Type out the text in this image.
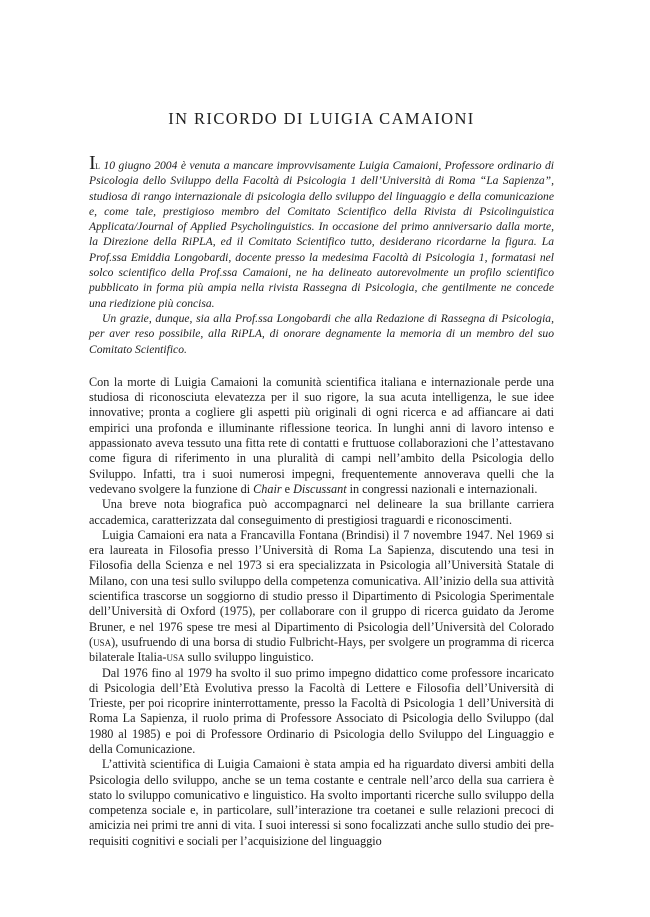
IN RICORDO DI LUIGIA CAMAIONI

Il 10 giugno 2004 è venuta a mancare improvvisamente Luigia Camaioni, Professore ordinario di Psicologia dello Sviluppo della Facoltà di Psicologia 1 dell’Università di Roma “La Sapienza”, studiosa di rango internazionale di psicologia dello sviluppo del linguaggio e della comunicazione e, come tale, prestigioso membro del Comitato Scientifico della Rivista di Psicolinguistica Applicata/Journal of Applied Psycholinguistics. In occasione del primo anniversario dalla morte, la Direzione della RiPLA, ed il Comitato Scientifico tutto, desiderano ricordarne la figura. La Prof.ssa Emiddia Longobardi, docente presso la medesima Facoltà di Psicologia 1, formatasi nel solco scientifico della Prof.ssa Camaioni, ne ha delineato autorevolmente un profilo scientifico pubblicato in forma più ampia nella rivista Rassegna di Psicologia, che gentilmente ne concede una riedizione più concisa.

Un grazie, dunque, sia alla Prof.ssa Longobardi che alla Redazione di Rassegna di Psicologia, per aver reso possibile, alla RiPLA, di onorare degnamente la memoria di un membro del suo Comitato Scientifico.

Con la morte di Luigia Camaioni la comunità scientifica italiana e internazionale perde una studiosa di riconosciuta elevatezza per il suo rigore, la sua acuta intelligenza, le sue idee innovative; pronta a cogliere gli aspetti più originali di ogni ricerca e ad affiancare ai dati empirici una profonda e illuminante riflessione teorica. In lunghi anni di lavoro intenso e appassionato aveva tessuto una fitta rete di contatti e fruttuose collaborazioni che l’attestavano come figura di riferimento in una pluralità di campi nell’ambito della Psicologia dello Sviluppo. Infatti, tra i suoi numerosi impegni, frequentemente annoverava quelli che la vedevano svolgere la funzione di Chair e Discussant in congressi nazionali e internazionali.

Una breve nota biografica può accompagnarci nel delineare la sua brillante carriera accademica, caratterizzata dal conseguimento di prestigiosi traguardi e riconoscimenti.

Luigia Camaioni era nata a Francavilla Fontana (Brindisi) il 7 novembre 1947. Nel 1969 si era laureata in Filosofia presso l’Università di Roma La Sapienza, discutendo una tesi in Filosofia della Scienza e nel 1973 si era specializzata in Psicologia all’Università Statale di Milano, con una tesi sullo sviluppo della competenza comunicativa. All’inizio della sua attività scientifica trascorse un soggiorno di studio presso il Dipartimento di Psicologia Sperimentale dell’Università di Oxford (1975), per collaborare con il gruppo di ricerca guidato da Jerome Bruner, e nel 1976 spese tre mesi al Dipartimento di Psicologia dell’Università del Colorado (usa), usufruendo di una borsa di studio Fulbricht-Hays, per svolgere un programma di ricerca bilaterale Italia-usa sullo sviluppo linguistico.

Dal 1976 fino al 1979 ha svolto il suo primo impegno didattico come professore incaricato di Psicologia dell’Età Evolutiva presso la Facoltà di Lettere e Filosofia dell’Università di Trieste, per poi ricoprire ininterrottamente, presso la Facoltà di Psicologia 1 dell’Università di Roma La Sapienza, il ruolo prima di Professore Associato di Psicologia dello Sviluppo (dal 1980 al 1985) e poi di Professore Ordinario di Psicologia dello Sviluppo del Linguaggio e della Comunicazione.

L’attività scientifica di Luigia Camaioni è stata ampia ed ha riguardato diversi ambiti della Psicologia dello sviluppo, anche se un tema costante e centrale nell’arco della sua carriera è stato lo sviluppo comunicativo e linguistico. Ha svolto importanti ricerche sullo sviluppo della competenza sociale e, in particolare, sull’interazione tra coetanei e sulle relazioni precoci di amicizia nei primi tre anni di vita. I suoi interessi si sono focalizzati anche sullo studio dei pre-requisiti cognitivi e sociali per l’acquisizione del linguaggio
